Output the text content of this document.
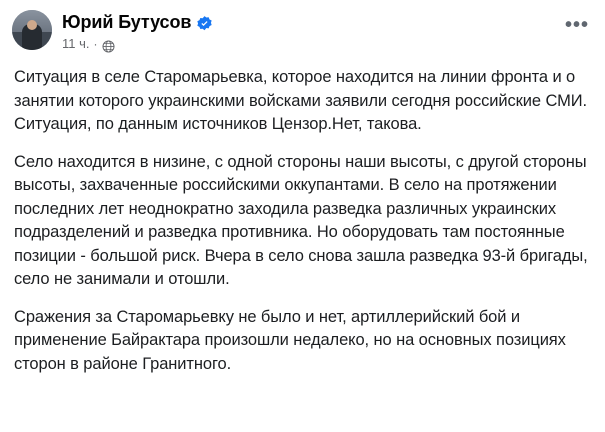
Юрий Бутусов
11 ч. ·
•••

Ситуация в селе Старомарьевка, которое находится на линии фронта и о занятии которого украинскими войсками заявили сегодня российские СМИ. Ситуация, по данным источников Цензор.Нет, такова.

Село находится в низине, с одной стороны наши высоты, с другой стороны высоты, захваченные российскими оккупантами. В село на протяжении последних лет неоднократно заходила разведка различных украинских подразделений и разведка противника. Но оборудовать там постоянные позиции - большой риск. Вчера в село снова зашла разведка 93-й бригады, село не занимали и отошли.

Сражения за Старомарьевку не было и нет, артиллерийский бой и применение Байрактара произошли недалеко, но на основных позициях сторон в районе Гранитного.
